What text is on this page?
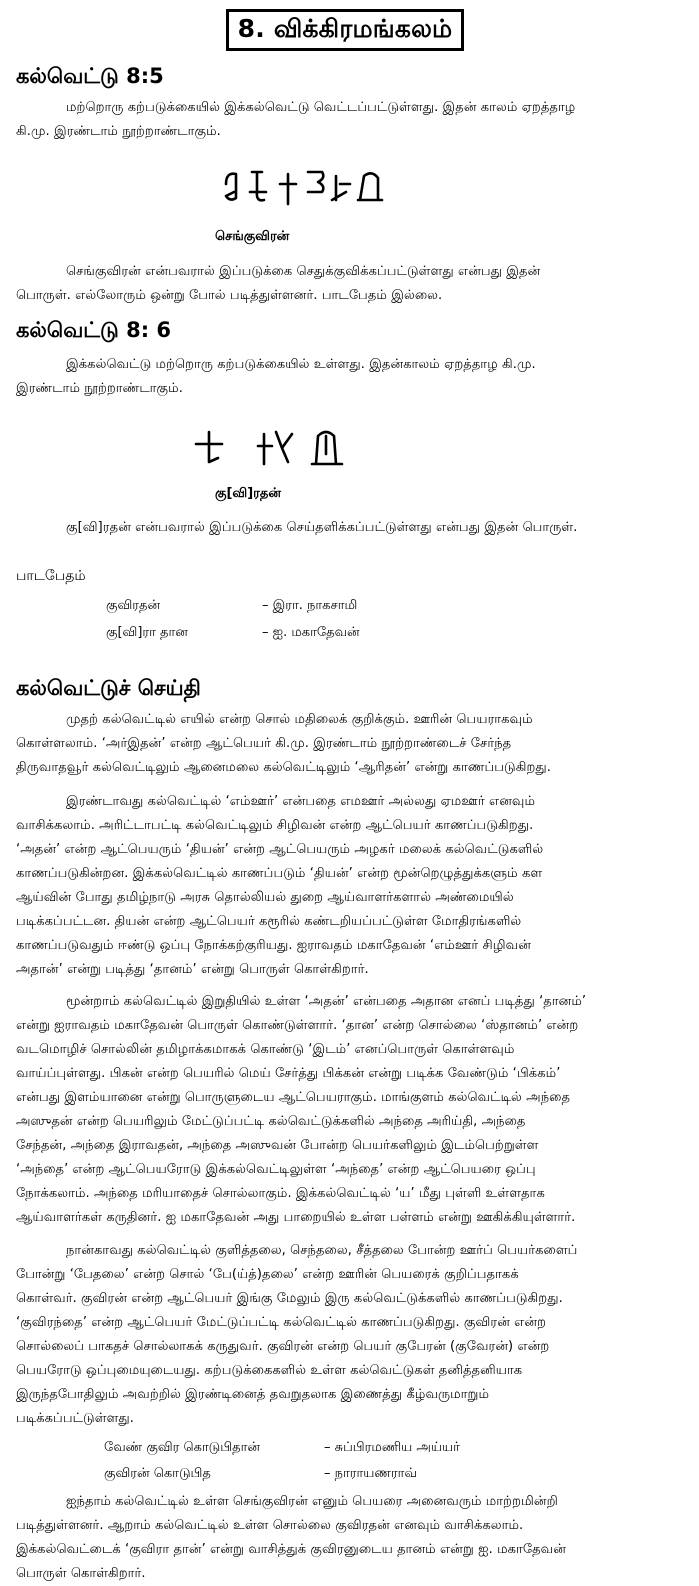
8. விக்கிரமங்கலம்
கல்வெட்டு 8:5
மற்றொரு கற்படுக்கையில் இக்கல்வெட்டு வெட்டப்பட்டுள்ளது. இதன் காலம் ஏறத்தாழ
கி.மு. இரண்டாம் நூற்றாண்டாகும்.
செங்குவிரன்
செங்குவிரன் என்பவரால் இப்படுக்கை செதுக்குவிக்கப்பட்டுள்ளது என்பது இதன்
பொருள். எல்லோரும் ஒன்று போல் படித்துள்ளனர். பாடபேதம் இல்லை.
கல்வெட்டு 8: 6
இக்கல்வெட்டு மற்றொரு கற்படுக்கையில் உள்ளது. இதன்காலம் ஏறத்தாழ கி.மு.
இரண்டாம் நூற்றாண்டாகும்.
கு[வி]ரதன்
கு[வி]ரதன் என்பவரால் இப்படுக்கை செய்தளிக்கப்பட்டுள்ளது என்பது இதன் பொருள்.
பாடபேதம்
குவிரதன்	– இரா. நாகசாமி
கு[வி]ரா தான	– ஐ. மகாதேவன்
கல்வெட்டுச் செய்தி
முதற் கல்வெட்டில் எயில் என்ற சொல் மதிலைக் குறிக்கும். ஊரின் பெயராகவும்
கொள்ளலாம். ‘அர்இதன்’ என்ற ஆட்பெயர் கி.மு. இரண்டாம் நூற்றாண்டைச் சேர்ந்த
திருவாதவூர் கல்வெட்டிலும் ஆனைமலை கல்வெட்டிலும் ‘ஆரிதன்’ என்று காணப்படுகிறது.
இரண்டாவது கல்வெட்டில் ‘எம்ஊர்’ என்பதை எமஊர் அல்லது ஏமஊர் எனவும்
வாசிக்கலாம். அரிட்டாபட்டி கல்வெட்டிலும் சிழிவன் என்ற ஆட்பெயர் காணப்படுகிறது.
‘அதன்’ என்ற ஆட்பெயரும் ‘தியன்’ என்ற ஆட்பெயரும் அழகர் மலைக் கல்வெட்டுகளில்
காணப்படுகின்றன. இக்கல்வெட்டில் காணப்படும் ‘தியன்’ என்ற மூன்றெழுத்துக்களும் கள
ஆய்வின் போது தமிழ்நாடு அரசு தொல்லியல் துறை ஆய்வாளர்களால் அண்மையில்
படிக்கப்பட்டன. தியன் என்ற ஆட்பெயர் கரூரில் கண்டறியப்பட்டுள்ள மோதிரங்களில்
காணப்படுவதும் ஈண்டு ஒப்பு நோக்கற்குரியது. ஐராவதம் மகாதேவன் ‘எம்ஊர் சிழிவன்
அதான்’ என்று படித்து ‘தானம்’ என்று பொருள் கொள்கிறார்.
மூன்றாம் கல்வெட்டில் இறுதியில் உள்ள ‘அதன்’ என்பதை அதான எனப் படித்து ‘தானம்’
என்று ஐராவதம் மகாதேவன் பொருள் கொண்டுள்ளார். ‘தான’ என்ற சொல்லை ‘ஸ்தானம்’ என்ற
வடமொழிச் சொல்லின் தமிழாக்கமாகக் கொண்டு ‘இடம்’ எனப்பொருள் கொள்ளவும்
வாய்ப்புள்ளது. பிகன் என்ற பெயரில் மெய் சேர்த்து பிக்கன் என்று படிக்க வேண்டும் ‘பிக்கம்’
என்பது இளம்யானை என்று பொருளுடைய ஆட்பெயராகும். மாங்குளம் கல்வெட்டில் அந்தை
அஸுதன் என்ற பெயரிலும் மேட்டுப்பட்டி கல்வெட்டுக்களில் அந்தை அரிய்தி, அந்தை
சேந்தன், அந்தை இராவதன், அந்தை அஸுவன் போன்ற பெயர்களிலும் இடம்பெற்றுள்ள
‘அந்தை’ என்ற ஆட்பெயரோடு இக்கல்வெட்டிலுள்ள ‘அந்தை’ என்ற ஆட்பெயரை ஒப்பு
நோக்கலாம். அந்தை மரியாதைச் சொல்லாகும். இக்கல்வெட்டில் ‘ய’ மீது புள்ளி உள்ளதாக
ஆய்வாளர்கள் கருதினர். ஐ மகாதேவன் அது பாறையில் உள்ள பள்ளம் என்று ஊகிக்கியுள்ளார்.
நான்காவது கல்வெட்டில் குளித்தலை, செந்தலை, சீத்தலை போன்ற ஊர்ப் பெயர்களைப்
போன்று ‘பேதலை’ என்ற சொல் ‘பே(ய்த்)தலை’ என்ற ஊரின் பெயரைக் குறிப்பதாகக்
கொள்வர். குவிரன் என்ற ஆட்பெயர் இங்கு மேலும் இரு கல்வெட்டுக்களில் காணப்படுகிறது.
‘குவிரந்தை’ என்ற ஆட்பெயர் மேட்டுப்பட்டி கல்வெட்டில் காணப்படுகிறது. குவிரன் என்ற
சொல்லைப் பாகதச் சொல்லாகக் கருதுவர். குவிரன் என்ற பெயர் குபேரன் (குவேரன்) என்ற
பெயரோடு ஒப்புமையுடையது. கற்படுக்கைகளில் உள்ள கல்வெட்டுகள் தனித்தனியாக
இருந்தபோதிலும் அவற்றில் இரண்டினைத் தவறுதலாக இணைத்து கீழ்வருமாறும்
படிக்கப்பட்டுள்ளது.
வேண் குவிர கொடுபிதான்	– சுப்பிரமணிய அய்யர்
குவிரன் கொடுபித	– நாராயணராவ்
ஐந்தாம் கல்வெட்டில் உள்ள செங்குவிரன் எனும் பெயரை அனைவரும் மாற்றமின்றி
படித்துள்ளனர். ஆறாம் கல்வெட்டில் உள்ள சொல்லை குவிரதன் எனவும் வாசிக்கலாம்.
இக்கல்வெட்டைக் ‘குவிரா தான்’ என்று வாசித்துக் குவிரனுடைய தானம் என்று ஐ. மகாதேவன்
பொருள் கொள்கிறார்.
